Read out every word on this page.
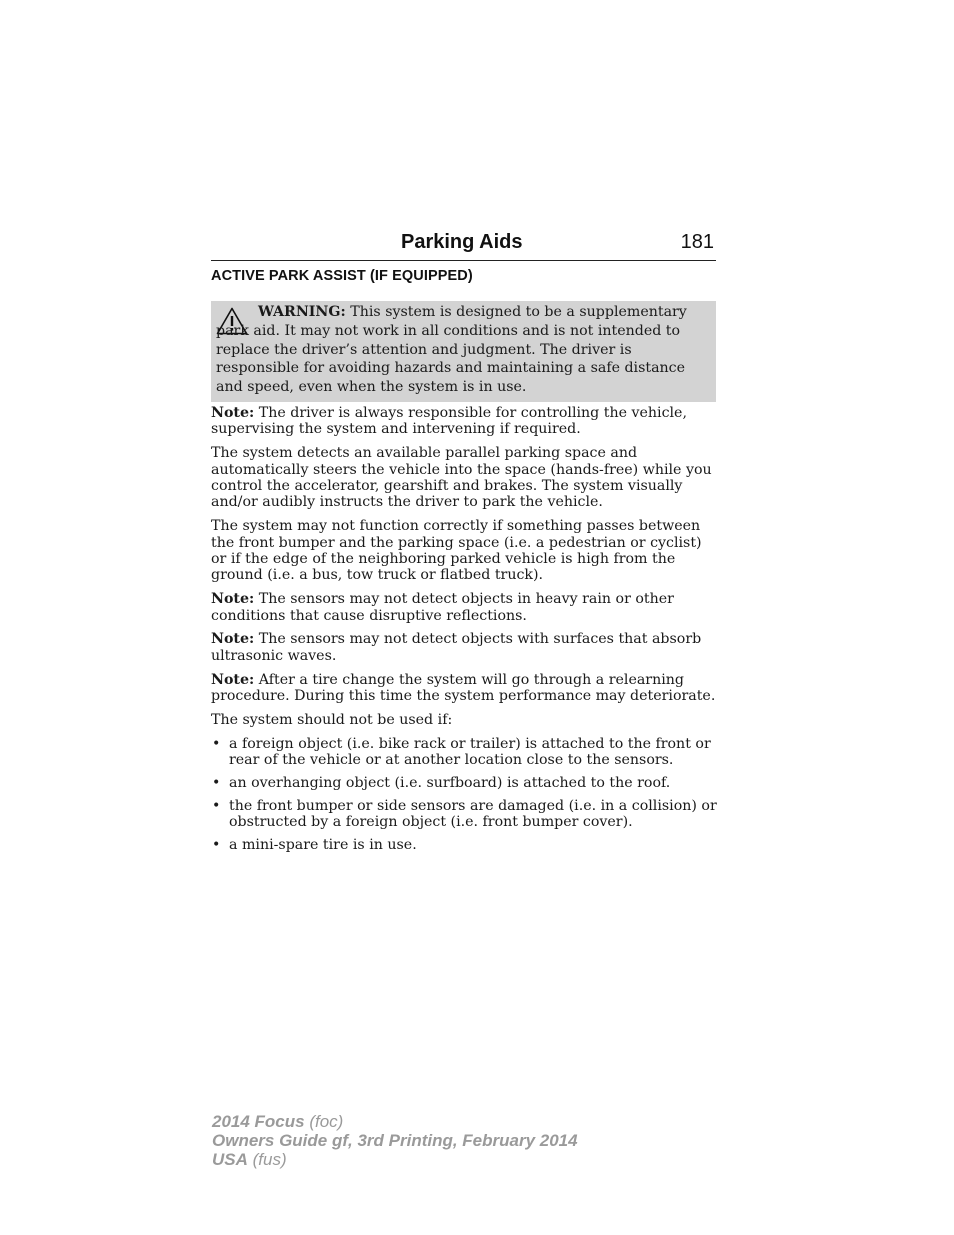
Parking Aids	181
ACTIVE PARK ASSIST (IF EQUIPPED)
WARNING: This system is designed to be a supplementary park aid. It may not work in all conditions and is not intended to replace the driver’s attention and judgment. The driver is responsible for avoiding hazards and maintaining a safe distance and speed, even when the system is in use.

Note: The driver is always responsible for controlling the vehicle, supervising the system and intervening if required.

The system detects an available parallel parking space and automatically steers the vehicle into the space (hands-free) while you control the accelerator, gearshift and brakes. The system visually and/or audibly instructs the driver to park the vehicle.

The system may not function correctly if something passes between the front bumper and the parking space (i.e. a pedestrian or cyclist) or if the edge of the neighboring parked vehicle is high from the ground (i.e. a bus, tow truck or flatbed truck).

Note: The sensors may not detect objects in heavy rain or other conditions that cause disruptive reflections.

Note: The sensors may not detect objects with surfaces that absorb ultrasonic waves.

Note: After a tire change the system will go through a relearning procedure. During this time the system performance may deteriorate.

The system should not be used if:

• a foreign object (i.e. bike rack or trailer) is attached to the front or rear of the vehicle or at another location close to the sensors.
• an overhanging object (i.e. surfboard) is attached to the roof.
• the front bumper or side sensors are damaged (i.e. in a collision) or obstructed by a foreign object (i.e. front bumper cover).
• a mini-spare tire is in use.
2014 Focus (foc)
Owners Guide gf, 3rd Printing, February 2014
USA (fus)
